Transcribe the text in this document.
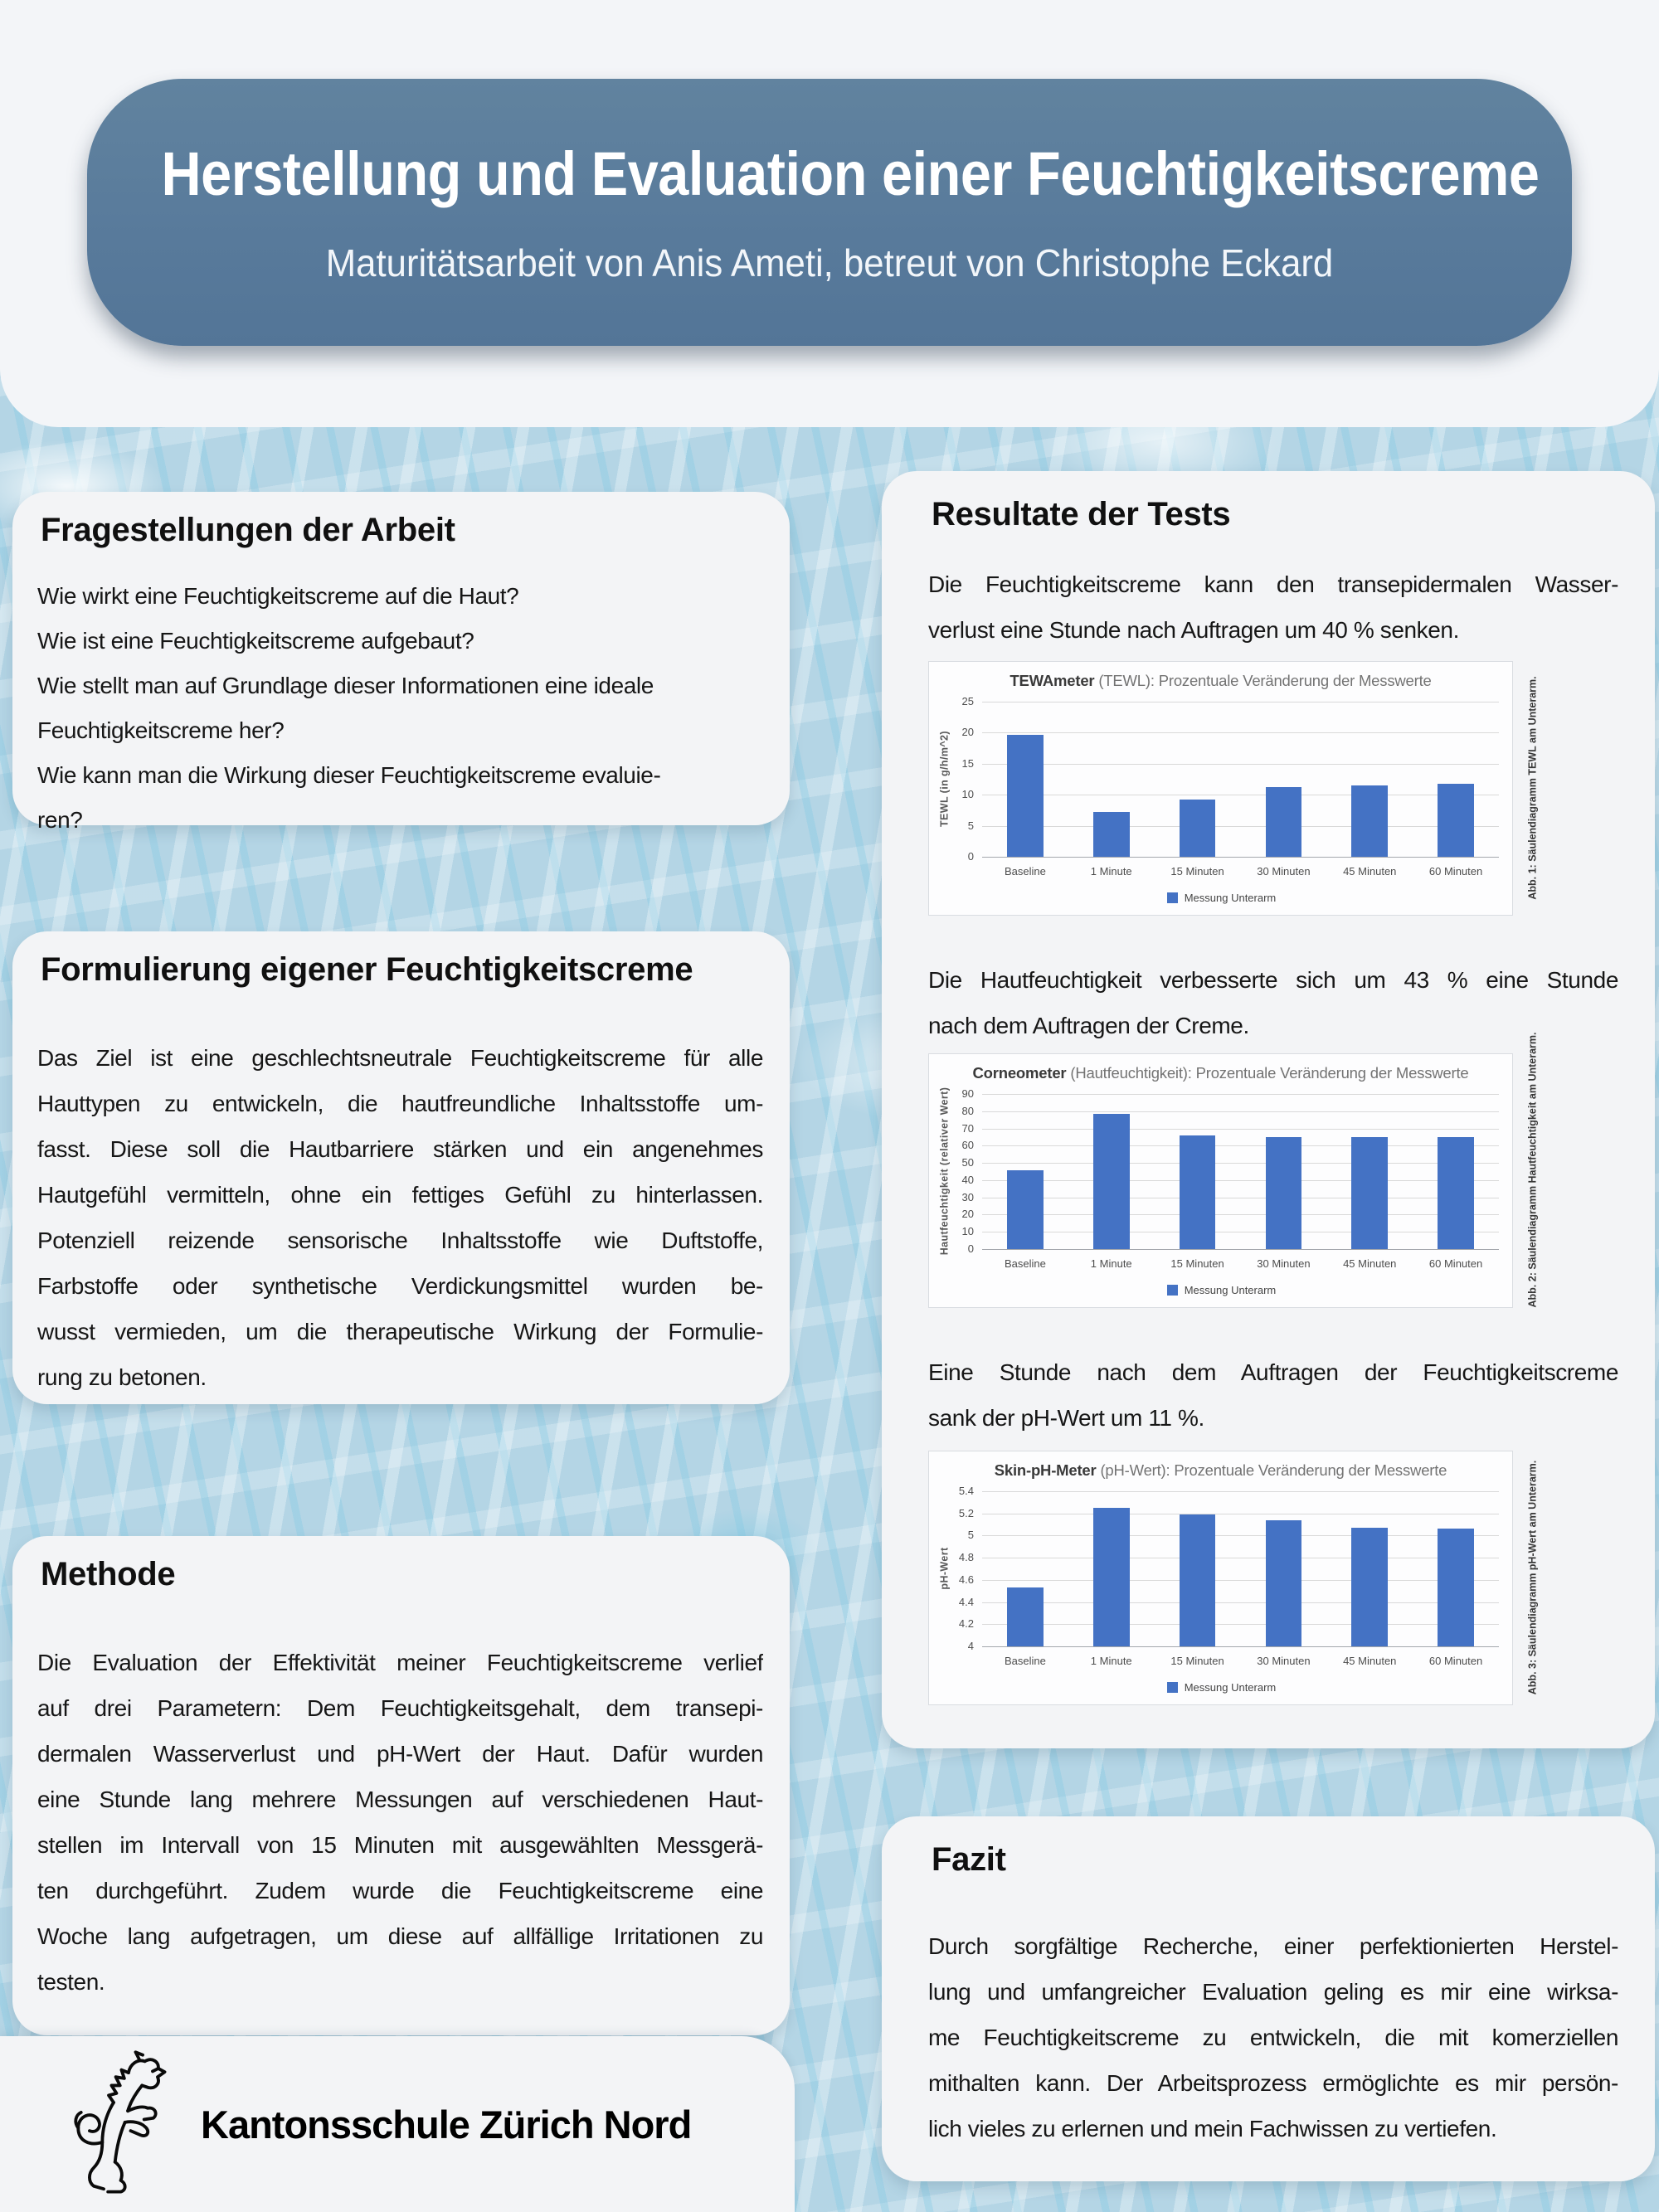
Herstellung und Evaluation einer Feuchtigkeitscreme
Maturitätsarbeit von Anis Ameti, betreut von Christophe Eckard
Fragestellungen der Arbeit
Wie wirkt eine Feuchtigkeitscreme auf die Haut?
Wie ist eine Feuchtigkeitscreme aufgebaut?
Wie stellt man auf Grundlage dieser Informationen eine ideale
Feuchtigkeitscreme her?
Wie kann man die Wirkung dieser Feuchtigkeitscreme evaluie-
ren?
Formulierung eigener Feuchtigkeitscreme
Das Ziel ist eine geschlechtsneutrale Feuchtigkeitscreme für alle
Hauttypen zu entwickeln, die hautfreundliche Inhaltsstoffe um-
fasst. Diese soll die Hautbarriere stärken und ein angenehmes
Hautgefühl vermitteln, ohne ein fettiges Gefühl zu hinterlassen.
Potenziell reizende sensorische Inhaltsstoffe wie Duftstoffe,
Farbstoffe oder synthetische Verdickungsmittel wurden be-
wusst vermieden, um die therapeutische Wirkung der Formulie-
rung zu betonen.
Methode
Die Evaluation der Effektivität meiner Feuchtigkeitscreme verlief
auf drei Parametern: Dem Feuchtigkeitsgehalt, dem transepi-
dermalen Wasserverlust und pH-Wert der Haut. Dafür wurden
eine Stunde lang mehrere Messungen auf verschiedenen Haut-
stellen im Intervall von 15 Minuten mit ausgewählten Messgerä-
ten durchgeführt. Zudem wurde die Feuchtigkeitscreme eine
Woche lang aufgetragen, um diese auf allfällige Irritationen zu
testen.
Resultate der Tests
Die Feuchtigkeitscreme kann den transepidermalen Wasser-
verlust eine Stunde nach Auftragen um 40 % senken.
TEWAmeter (TEWL): Prozentuale Veränderung der Messwerte
0
5
10
15
20
25
Baseline	1 Minute	15 Minuten	30 Minuten	45 Minuten	60 Minuten
TEWL (in g/h/m^2)
Messung Unterarm	Abb. 1: Säulendiagramm TEWL am Unterarm.
Die Hautfeuchtigkeit verbesserte sich um 43 % eine Stunde
nach dem Auftragen der Creme.
Corneometer (Hautfeuchtigkeit): Prozentuale Veränderung der Messwerte
0
10
20
30
40
50
60
70
80
90
Baseline	1 Minute	15 Minuten	30 Minuten	45 Minuten	60 Minuten
Hautfeuchtigkeit (relativer Wert)
Messung Unterarm	Abb. 2: Säulendiagramm Hautfeuchtigkeit am Unterarm.
Eine Stunde nach dem Auftragen der Feuchtigkeitscreme
sank der pH-Wert um 11 %.
Skin-pH-Meter (pH-Wert): Prozentuale Veränderung der Messwerte
4
4.2
4.4
4.6
4.8
5
5.2
5.4
Baseline	1 Minute	15 Minuten	30 Minuten	45 Minuten	60 Minuten
pH-Wert
Messung Unterarm	Abb. 3: Säulendiagramm pH-Wert am Unterarm.
Fazit
Durch sorgfältige Recherche, einer perfektionierten Herstel-
lung und umfangreicher Evaluation geling es mir eine wirksa-
me Feuchtigkeitscreme zu entwickeln, die mit komerziellen
mithalten kann. Der Arbeitsprozess ermöglichte es mir persön-
lich vieles zu erlernen und mein Fachwissen zu vertiefen.
Kantonsschule Zürich Nord
